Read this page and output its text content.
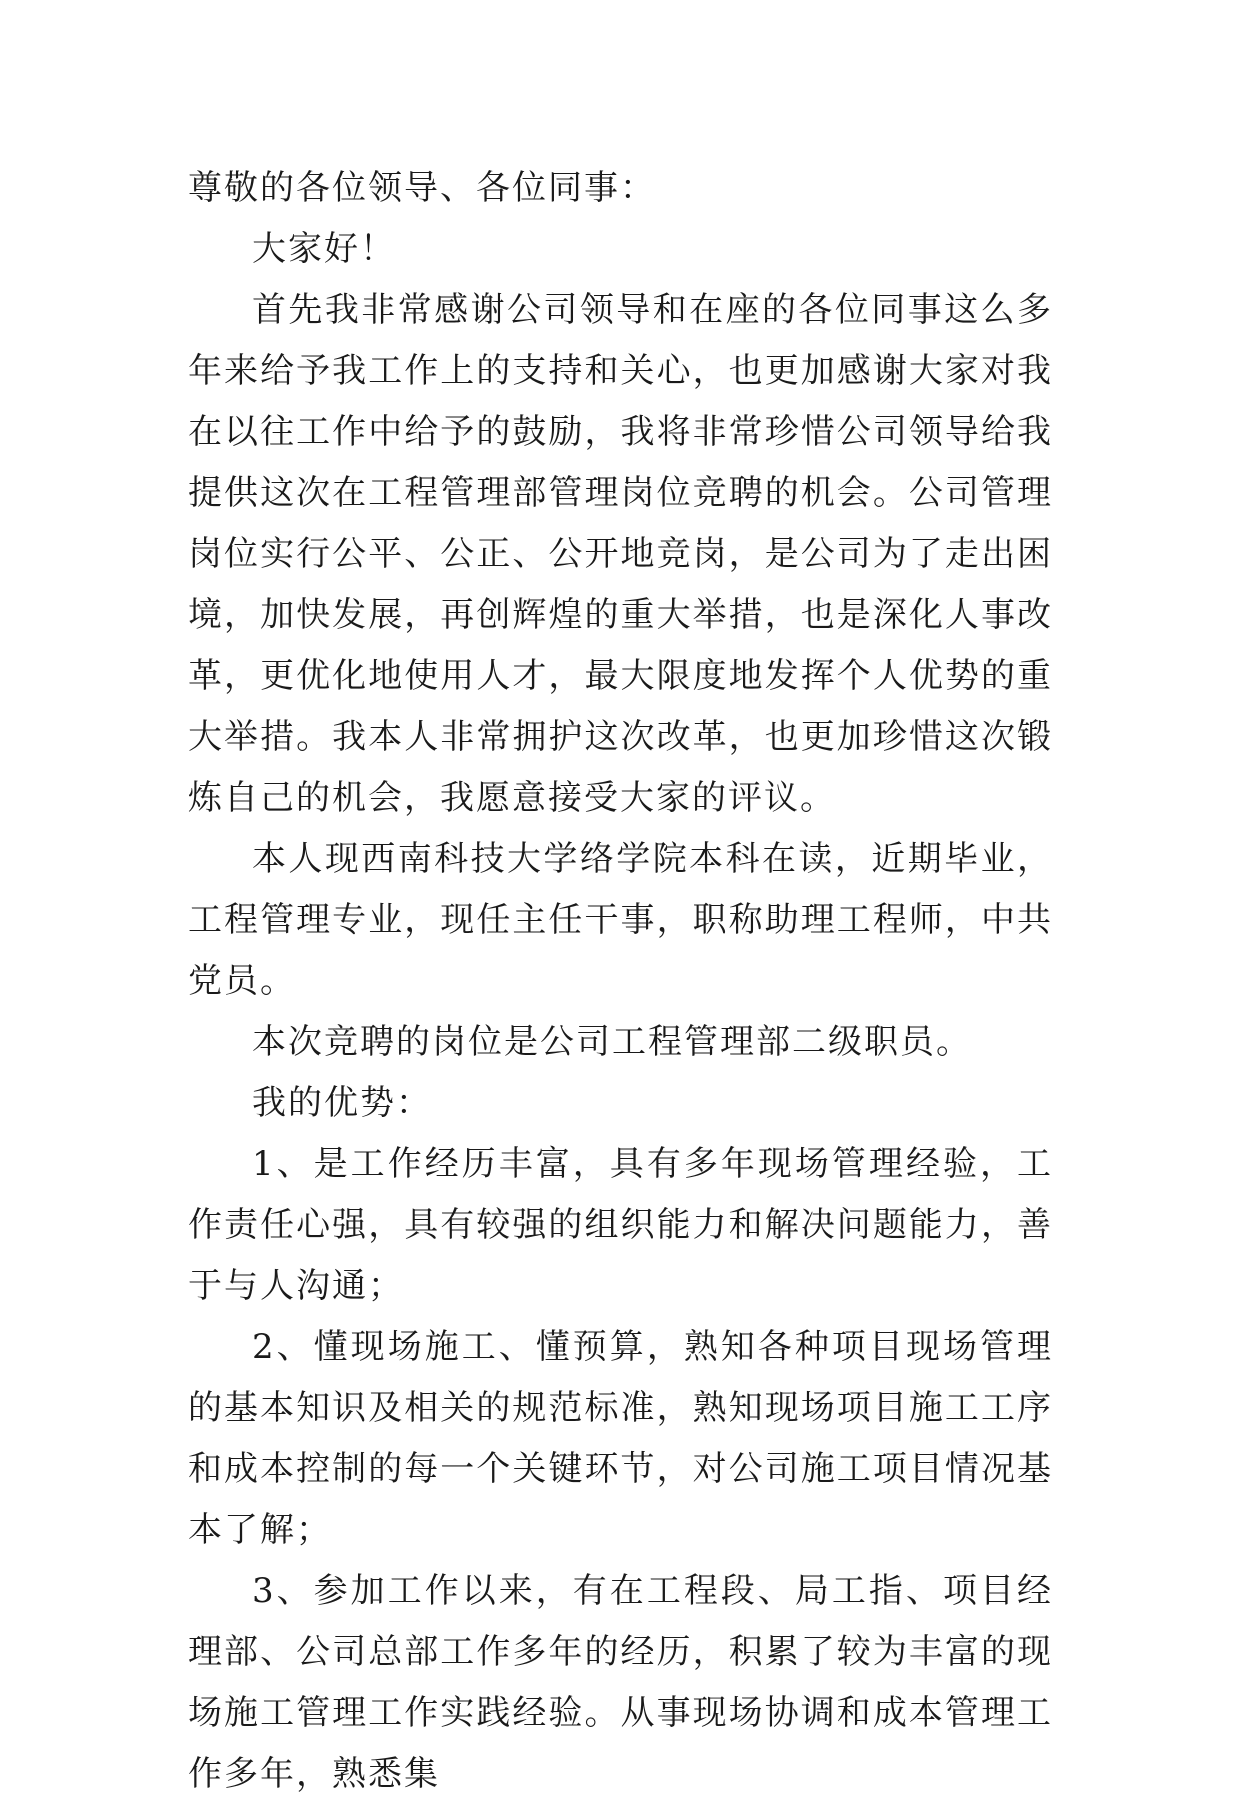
尊敬的各位领导、各位同事：

大家好！

首先我非常感谢公司领导和在座的各位同事这么多年来给予我工作上的支持和关心，也更加感谢大家对我在以往工作中给予的鼓励，我将非常珍惜公司领导给我提供这次在工程管理部管理岗位竞聘的机会。公司管理岗位实行公平、公正、公开地竞岗，是公司为了走出困境，加快发展，再创辉煌的重大举措，也是深化人事改革，更优化地使用人才，最大限度地发挥个人优势的重大举措。我本人非常拥护这次改革，也更加珍惜这次锻炼自己的机会，我愿意接受大家的评议。

本人现西南科技大学络学院本科在读，近期毕业，工程管理专业，现任主任干事，职称助理工程师，中共党员。

本次竞聘的岗位是公司工程管理部二级职员。

我的优势：

1、是工作经历丰富，具有多年现场管理经验，工作责任心强，具有较强的组织能力和解决问题能力，善于与人沟通；

2、懂现场施工、懂预算，熟知各种项目现场管理的基本知识及相关的规范标准，熟知现场项目施工工序和成本控制的每一个关键环节，对公司施工项目情况基本了解；

3、参加工作以来，有在工程段、局工指、项目经理部、公司总部工作多年的经历，积累了较为丰富的现场施工管理工作实践经验。从事现场协调和成本管理工作多年，熟悉集
